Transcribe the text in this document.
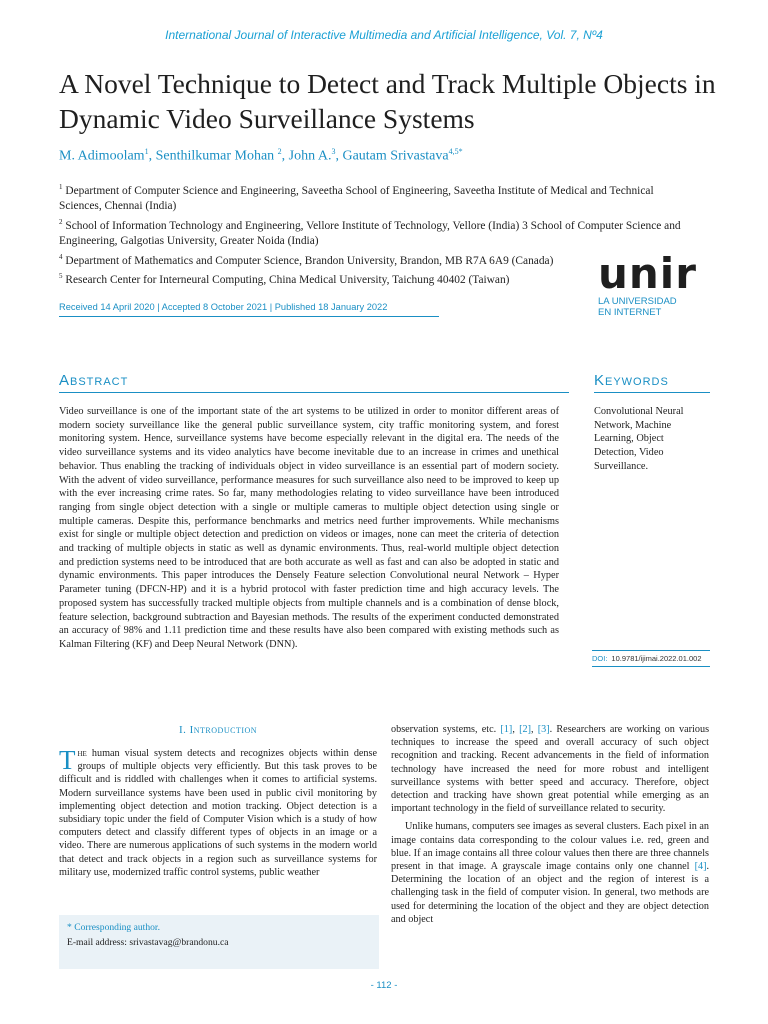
International Journal of Interactive Multimedia and Artificial Intelligence, Vol. 7, Nº4
A Novel Technique to Detect and Track Multiple Objects in Dynamic Video Surveillance Systems
M. Adimoolam$^1$, Senthilkumar Mohan $^2$, John A.$^3$, Gautam Srivastava$^{4,5*}$

$^1$ Department of Computer Science and Engineering, Saveetha School of Engineering, Saveetha Institute of Medical and Technical Sciences, Chennai (India)

$^2$ School of Information Technology and Engineering, Vellore Institute of Technology, Vellore (India) 3 School of Computer Science and Engineering, Galgotias University, Greater Noida (India)

$^4$ Department of Mathematics and Computer Science, Brandon University, Brandon, MB R7A 6A9 (Canada)

$^5$ Research Center for Interneural Computing, China Medical University, Taichung 40402 (Taiwan)

Received 14 April 2020 | Accepted 8 October 2021 | Published 18 January 2022
unir
LA UNIVERSIDAD
EN INTERNET
Abstract	Keywords
Video surveillance is one of the important state of the art systems to be utilized in order to monitor different areas of modern society surveillance like the general public surveillance system, city traffic monitoring system, and forest monitoring system. Hence, surveillance systems have become especially relevant in the digital era. The needs of the video surveillance systems and its video analytics have become inevitable due to an increase in crimes and unethical behavior. Thus enabling the tracking of individuals object in video surveillance is an essential part of modern society. With the advent of video surveillance, performance measures for such surveillance also need to be improved to keep up with the ever increasing crime rates. So far, many methodologies relating to video surveillance have been introduced ranging from single object detection with a single or multiple cameras to multiple object detection using single or multiple cameras. Despite this, performance benchmarks and metrics need further improvements. While mechanisms exist for single or multiple object detection and prediction on videos or images, none can meet the criteria of detection and tracking of multiple objects in static as well as dynamic environments. Thus, real-world multiple object detection and prediction systems need to be introduced that are both accurate as well as fast and can also be adopted in static and dynamic environments. This paper introduces the Densely Feature selection Convolutional neural Network – Hyper Parameter tuning (DFCN-HP) and it is a hybrid protocol with faster prediction time and high accuracy levels. The proposed system has successfully tracked multiple objects from multiple channels and is a combination of dense block, feature selection, background subtraction and Bayesian methods. The results of the experiment conducted demonstrated an accuracy of 98% and 1.11 prediction time and these results have also been compared with existing methods such as Kalman Filtering (KF) and Deep Neural Network (DNN).
Convolutional Neural Network, Machine Learning, Object Detection, Video Surveillance.
DOI: 10.9781/ijimai.2022.01.002
I. Introduction

The human visual system detects and recognizes objects within dense groups of multiple objects very efficiently. But this task proves to be difficult and is riddled with challenges when it comes to artificial systems. Modern surveillance systems have been used in public civil monitoring by implementing object detection and motion tracking. Object detection is a subsidiary topic under the field of Computer Vision which is a study of how computers detect and classify different types of objects in an image or a video. There are numerous applications of such systems in the modern world that detect and track objects in a region such as surveillance systems for military use, modernized traffic control systems, public weather

observation systems, etc. [1], [2], [3]. Researchers are working on various techniques to increase the speed and overall accuracy of such object recognition and tracking. Recent advancements in the field of information technology have increased the need for more robust and intelligent surveillance systems with better speed and accuracy. Therefore, object detection and tracking have shown great potential while emerging as an important technology in the field of surveillance related to security.

Unlike humans, computers see images as several clusters. Each pixel in an image contains data corresponding to the colour values i.e. red, green and blue. If an image contains all three colour values then there are three channels present in that image. A grayscale image contains only one channel [4]. Determining the location of an object and the region of interest is a challenging task in the field of computer vision. In general, two methods are used for determining the location of the object and they are object detection and object

* Corresponding author.
E-mail address: srivastavag@brandonu.ca
- 112 -
